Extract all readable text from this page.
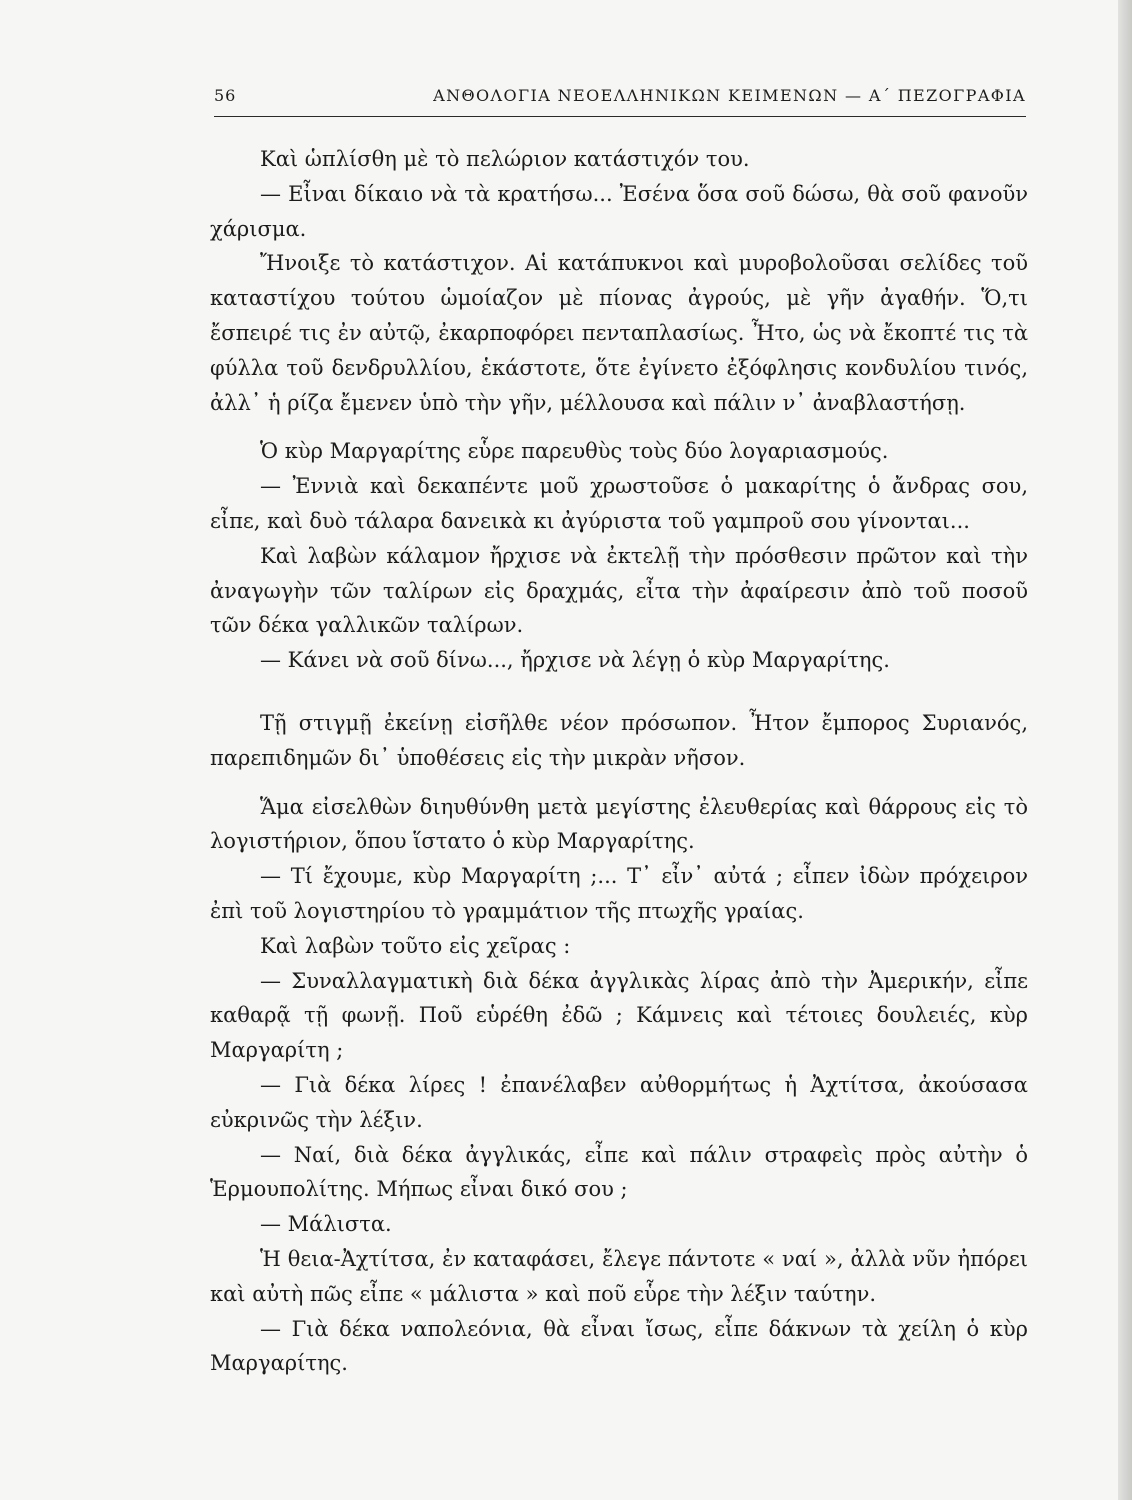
56	ΑΝΘΟΛΟΓΙΑ ΝΕΟΕΛΛΗΝΙΚΩΝ ΚΕΙΜΕΝΩΝ — Α΄ ΠΕΖΟΓΡΑΦΙΑ

Καὶ ὡπλίσθη μὲ τὸ πελώριον κατάστιχόν του.

— Εἶναι δίκαιο νὰ τὰ κρατήσω... Ἐσένα ὅσα σοῦ δώσω, θὰ σοῦ φανοῦν χάρισμα.

Ἤνοιξε τὸ κατάστιχον. Αἱ κατάπυκνοι καὶ μυροβολοῦσαι σελίδες τοῦ καταστίχου τούτου ὡμοίαζον μὲ πίονας ἀγρούς, μὲ γῆν ἀγαθήν. Ὅ,τι ἔσπειρέ τις ἐν αὐτῷ, ἐκαρποφόρει πενταπλασίως. Ἦτο, ὡς νὰ ἔκοπτέ τις τὰ φύλλα τοῦ δενδρυλλίου, ἑκάστοτε, ὅτε ἐγίνετο ἐξόφλησις κονδυλίου τινός, ἀλλ᾽ ἡ ρίζα ἔμενεν ὑπὸ τὴν γῆν, μέλλουσα καὶ πάλιν ν᾽ ἀναβλαστήσῃ.

Ὁ κὺρ Μαργαρίτης εὗρε παρευθὺς τοὺς δύο λογαριασμούς.

— Ἐννιὰ καὶ δεκαπέντε μοῦ χρωστοῦσε ὁ μακαρίτης ὁ ἄνδρας σου, εἶπε, καὶ δυὸ τάλαρα δανεικὰ κι ἀγύριστα τοῦ γαμπροῦ σου γίνονται...

Καὶ λαβὼν κάλαμον ἤρχισε νὰ ἐκτελῇ τὴν πρόσθεσιν πρῶτον καὶ τὴν ἀναγωγὴν τῶν ταλίρων εἰς δραχμάς, εἶτα τὴν ἀφαίρεσιν ἀπὸ τοῦ ποσοῦ τῶν δέκα γαλλικῶν ταλίρων.

— Κάνει νὰ σοῦ δίνω..., ἤρχισε νὰ λέγῃ ὁ κὺρ Μαργαρίτης.

Τῇ στιγμῇ ἐκείνῃ εἰσῆλθε νέον πρόσωπον. Ἦτον ἔμπορος Συριανός, παρεπιδημῶν δι᾽ ὑποθέσεις εἰς τὴν μικρὰν νῆσον.

Ἅμα εἰσελθὼν διηυθύνθη μετὰ μεγίστης ἐλευθερίας καὶ θάρρους εἰς τὸ λογιστήριον, ὅπου ἵστατο ὁ κὺρ Μαργαρίτης.

— Τί ἔχουμε, κὺρ Μαργαρίτη ;... Τ᾽ εἶν᾽ αὐτά ; εἶπεν ἰδὼν πρόχειρον ἐπὶ τοῦ λογιστηρίου τὸ γραμμάτιον τῆς πτωχῆς γραίας.

Καὶ λαβὼν τοῦτο εἰς χεῖρας :

— Συναλλαγματικὴ διὰ δέκα ἀγγλικὰς λίρας ἀπὸ τὴν Ἀμερικήν, εἶπε καθαρᾷ τῇ φωνῇ. Ποῦ εὑρέθη ἐδῶ ; Κάμνεις καὶ τέτοιες δουλειές, κὺρ Μαργαρίτη ;

— Γιὰ δέκα λίρες ! ἐπανέλαβεν αὐθορμήτως ἡ Ἀχτίτσα, ἀκούσασα εὐκρινῶς τὴν λέξιν.

— Ναί, διὰ δέκα ἀγγλικάς, εἶπε καὶ πάλιν στραφεὶς πρὸς αὐτὴν ὁ Ἑρμουπολίτης. Μήπως εἶναι δικό σου ;

— Μάλιστα.

Ἡ θεια-Ἀχτίτσα, ἐν καταφάσει, ἔλεγε πάντοτε « ναί », ἀλλὰ νῦν ἠπόρει καὶ αὐτὴ πῶς εἶπε « μάλιστα » καὶ ποῦ εὗρε τὴν λέξιν ταύτην.

— Γιὰ δέκα ναπολεόνια, θὰ εἶναι ἴσως, εἶπε δάκνων τὰ χείλη ὁ κὺρ Μαργαρίτης.
